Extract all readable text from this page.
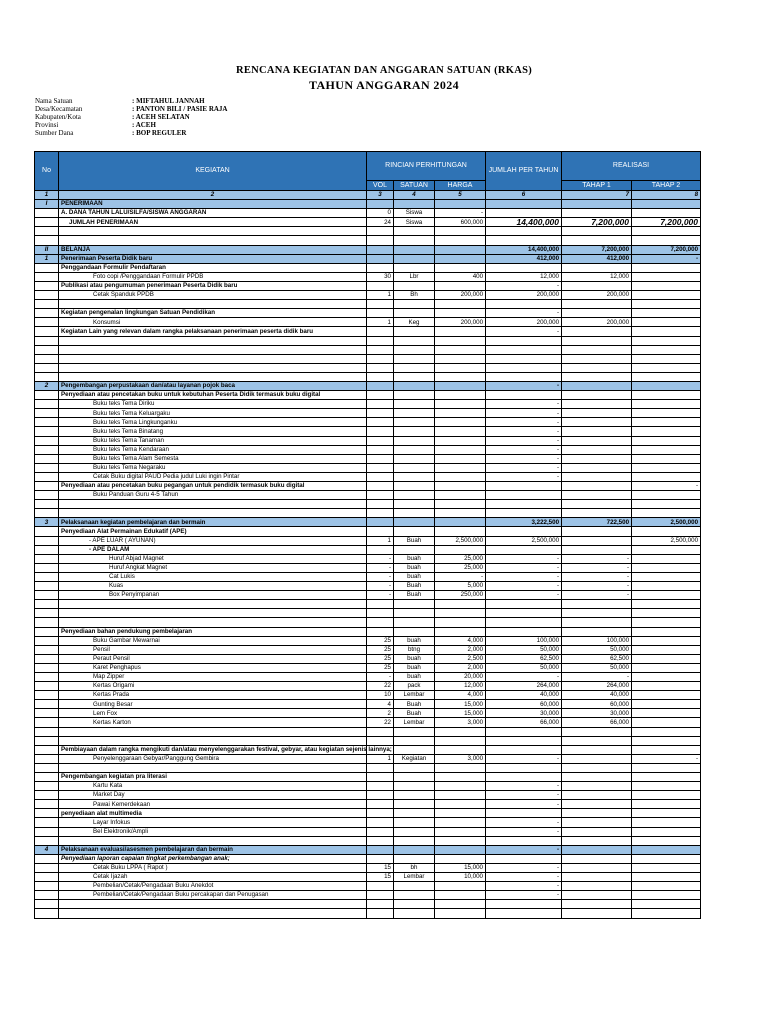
RENCANA KEGIATAN DAN ANGGARAN SATUAN (RKAS)
TAHUN ANGGARAN 2024
Nama Satuan	: MIFTAHUL JANNAH
Desa/Kecamatan	: PANTON BILI / PASIE RAJA
Kabupaten/Kota	: ACEH SELATAN
Provinsi	: ACEH
Sumber Dana	: BOP REGULER
No	KEGIATAN	RINCIAN PERHITUNGAN			JUMLAH PER TAHUN	REALISASI	
		VOL	SATUAN	HARGA		TAHAP 1	TAHAP 2
1	2	3	4	5	6	7	8
I	PENERIMAAN						
	A. DANA TAHUN LALU/SILFA/SISWA ANGGARAN	0	Siswa	-			
	JUMLAH PENERIMAAN	24	Siswa	600,000	14,400,000	7,200,000	7,200,000

II	BELANJA				14,400,000	7,200,000	7,200,000
1	Penerimaan Peserta Didik baru				412,000	412,000	-
	Penggandaan Formulir Pendaftaran						
	Foto copi /Penggandaan Formulir PPDB	30	Lbr	400	12,000	12,000	
	Publikasi atau pengumuman penerimaan Peserta Didik baru				-		
	Cetak Spanduk PPDB	1	Bh	200,000	200,000	200,000	

	Kegiatan pengenalan lingkungan Satuan Pendidikan				-		
	Konsumsi	1	Keg	200,000	200,000	200,000	
	Kegiatan Lain yang relevan dalam rangka pelaksanaan penerimaan peserta didik baru				-		

2	Pengembangan perpustakaan dan/atau layanan pojok baca				-		
	Penyediaan atau pencetakan buku untuk kebutuhan Peserta Didik termasuk buku digital						
	Buku teks Tema Diriku				-		
	Buku teks Tema Keluargaku				-		
	Buku teks Tema Lingkunganku				-		
	Buku teks Tema Binatang				-		
	Buku teks Tema Tanaman				-		
	Buku teks Tema Kendaraan				-		
	Buku teks Tema Alam Semesta				-		
	Buku teks Tema Negaraku				-		
	Cetak Buku digital PAUD Pedia judul Luki ingin Pintar				-		
	Penyediaan atau pencetakan buku pegangan untuk pendidik termasuk buku digital						-
	Buku Panduan Guru 4-5 Tahun						

3	Pelaksanaan kegiatan pembelajaran dan bermain				3,222,500	722,500	2,500,000
	Penyediaan Alat Permainan Edukatif (APE)						
	- APE LUAR ( AYUNAN)	1	Buah	2,500,000	2,500,000		2,500,000
	- APE DALAM						
	Huruf Abjad Magnet	-	buah	25,000	-	-	
	Huruf Angkat Magnet	-	buah	25,000	-	-	
	Cat Lukis	-	buah	-	-	-	
	Kuas	-	Buah	5,000	-	-	
	Box Penyimpanan	-	Buah	250,000	-	-	

	Penyediaan bahan pendukung pembelajaran						
	Buku Gambar Mewarnai	25	buah	4,000	100,000	100,000	
	Pensil	25	btng	2,000	50,000	50,000	
	Peraut Pensil	25	buah	2,500	62,500	62,500	
	Karet Penghapus	25	buah	2,000	50,000	50,000	
	Map Zipper	-	buah	20,000	-	-	
	Kertas Origami	22	pack	12,000	264,000	264,000	
	Kertas Prada	10	Lembar	4,000	40,000	40,000	
	Gunting Besar	4	Buah	15,000	60,000	60,000	
	Lem Fox	2	Buah	15,000	30,000	30,000	
	Kertas Karton	22	Lembar	3,000	66,000	66,000	

	Pembiayaan dalam rangka mengikuti dan/atau menyelenggarakan festival, gebyar, atau kegiatan sejenis lainnya;						
	Penyelenggaraan Gebyar/Panggung Gembira	1	Kegiatan	3,000	-		-

	Pengembangan kegiatan pra literasi						
	Kartu Kata				-		
	Market Day				-		
	Pawai Kemerdekaan				-		
	penyediaan alat multimedia						
	Layar Infokus				-		
	Bel Elektronik/Ampli				-		

4	Pelaksanaan evaluasi/asesmen pembelajaran dan bermain				-		
	Penyediaan laporan capaian tingkat perkembangan anak;						
	Cetak Buku LPPA ( Rapot )	15	bh	15,000	-		
	Cetak Ijazah	15	Lembar	10,000	-		
	Pembelian/Cetak/Pengadaan Buku Anekdot				-		
	Pembelian/Cetak/Pengadaan Buku percakapan dan Penugasan				-		
